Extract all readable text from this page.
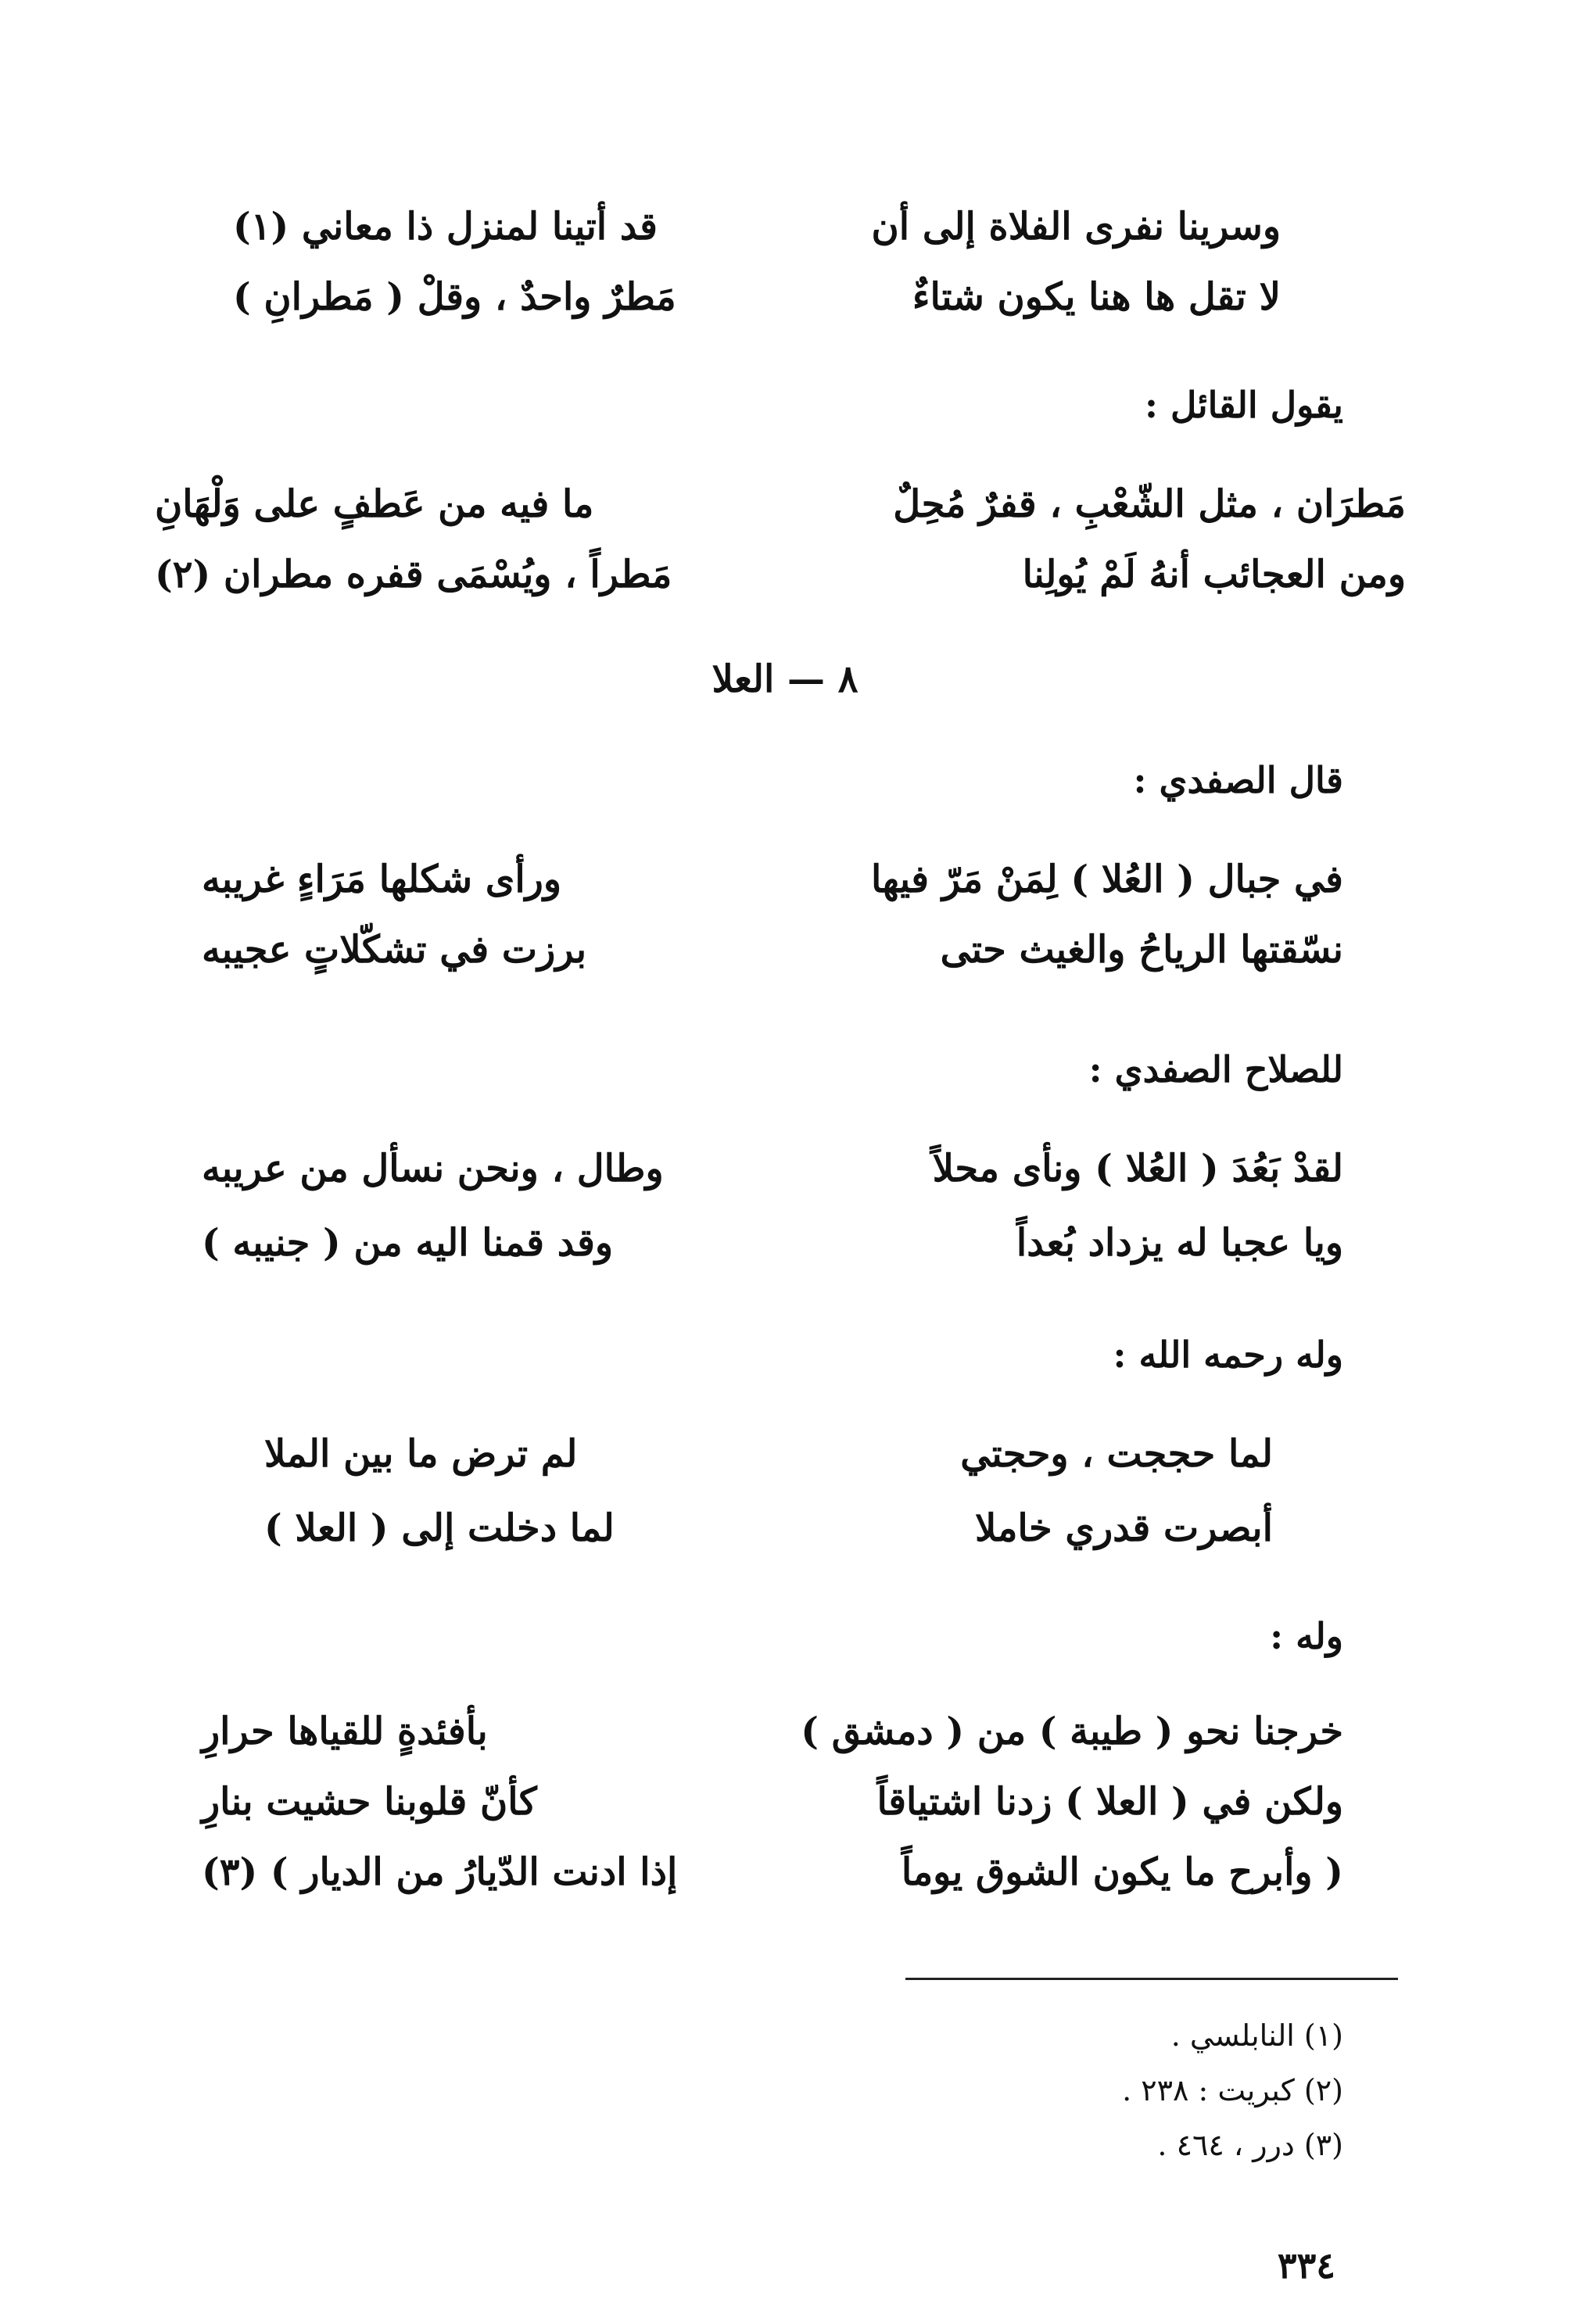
وسرينا نفرى الفلاة إلى أن
قد أتينا لمنزل ذا معاني (١)
لا تقل ها هنا يكون شتاءٌ
مَطرٌ واحدٌ ، وقلْ ( مَطرانِ )
يقول القائل :
مَطرَان ، مثل الشّعْبِ ، قفرٌ مُحِلٌ
ما فيه من عَطفٍ على وَلْهَانِ
ومن العجائب أنهُ لَمْ يُولِنا
مَطراً ، ويُسْمَى قفره مطران (٢)
٨ — العلا
قال الصفدي :
في جبال ( العُلا ) لِمَنْ مَرّ فيها
ورأى شكلها مَرَاءٍ غريبه
نسّقتها الرياحُ والغيث حتى
برزت في تشكّلاتٍ عجيبه
للصلاح الصفدي :
لقدْ بَعُدَ ( العُلا ) ونأى محلاً
وطال ، ونحن نسأل من عريبه
ويا عجبا له يزداد بُعداً
وقد قمنا اليه من ( جنيبه )
وله رحمه الله :
لما حججت ، وحجتي
لم ترض ما بين الملا
أبصرت قدري خاملا
لما دخلت إلى ( العلا )
وله :
خرجنا نحو ( طيبة ) من ( دمشق )
بأفئدةٍ للقياها حرارِ
ولكن في ( العلا ) زدنا اشتياقاً
كأنّ قلوبنا حشيت بنارِ
( وأبرح ما يكون الشوق يوماً
إذا ادنت الدّيارُ من الديار ) (٣)
(١) النابلسي .
(٢) كبريت : ٢٣٨ .
(٣) درر ، ٤٦٤ .
٣٣٤
